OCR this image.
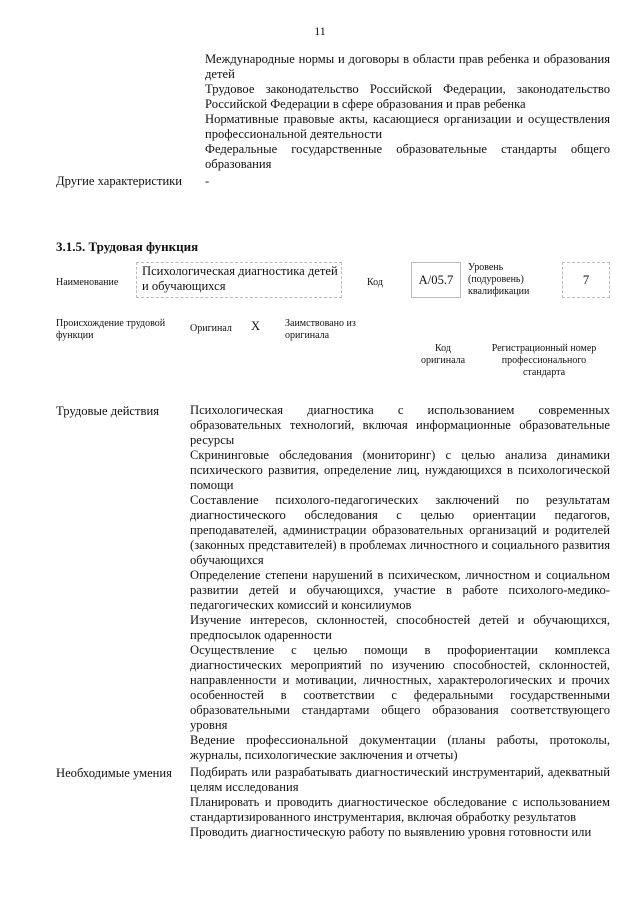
11

Международные нормы и договоры в области прав ребенка и образования детей

Трудовое законодательство Российской Федерации, законодательство Российской Федерации в сфере образования и прав ребенка

Нормативные правовые акты, касающиеся организации и осуществления профессиональной деятельности

Федеральные государственные образовательные стандарты общего образования

Другие характеристики -
3.1.5. Трудовая функция
Наименование
Психологическая диагностика детей и обучающихся	Код	A/05.7
Уровень (подуровень) квалификации
7
Происхождение трудовой функции
Оригинал X Заимствовано из оригинала
Код оригинала
Регистрационный номер профессионального стандарта
Трудовые действия Психологическая диагностика с использованием современных образовательных технологий, включая информационные образовательные ресурсы

Скрининговые обследования (мониторинг) с целью анализа динамики психического развития, определение лиц, нуждающихся в психологической помощи

Составление психолого-педагогических заключений по результатам диагностического обследования с целью ориентации педагогов, преподавателей, администрации образовательных организаций и родителей (законных представителей) в проблемах личностного и социального развития обучающихся

Определение степени нарушений в психическом, личностном и социальном развитии детей и обучающихся, участие в работе психолого-медико-педагогических комиссий и консилиумов

Изучение интересов, склонностей, способностей детей и обучающихся, предпосылок одаренности

Осуществление с целью помощи в профориентации комплекса диагностических мероприятий по изучению способностей, склонностей, направленности и мотивации, личностных, характерологических и прочих особенностей в соответствии с федеральными государственными образовательными стандартами общего образования соответствующего уровня

Ведение профессиональной документации (планы работы, протоколы, журналы, психологические заключения и отчеты)

Необходимые умения Подбирать или разрабатывать диагностический инструментарий, адекватный целям исследования

Планировать и проводить диагностическое обследование с использованием стандартизированного инструментария, включая обработку результатов

Проводить диагностическую работу по выявлению уровня готовности или
